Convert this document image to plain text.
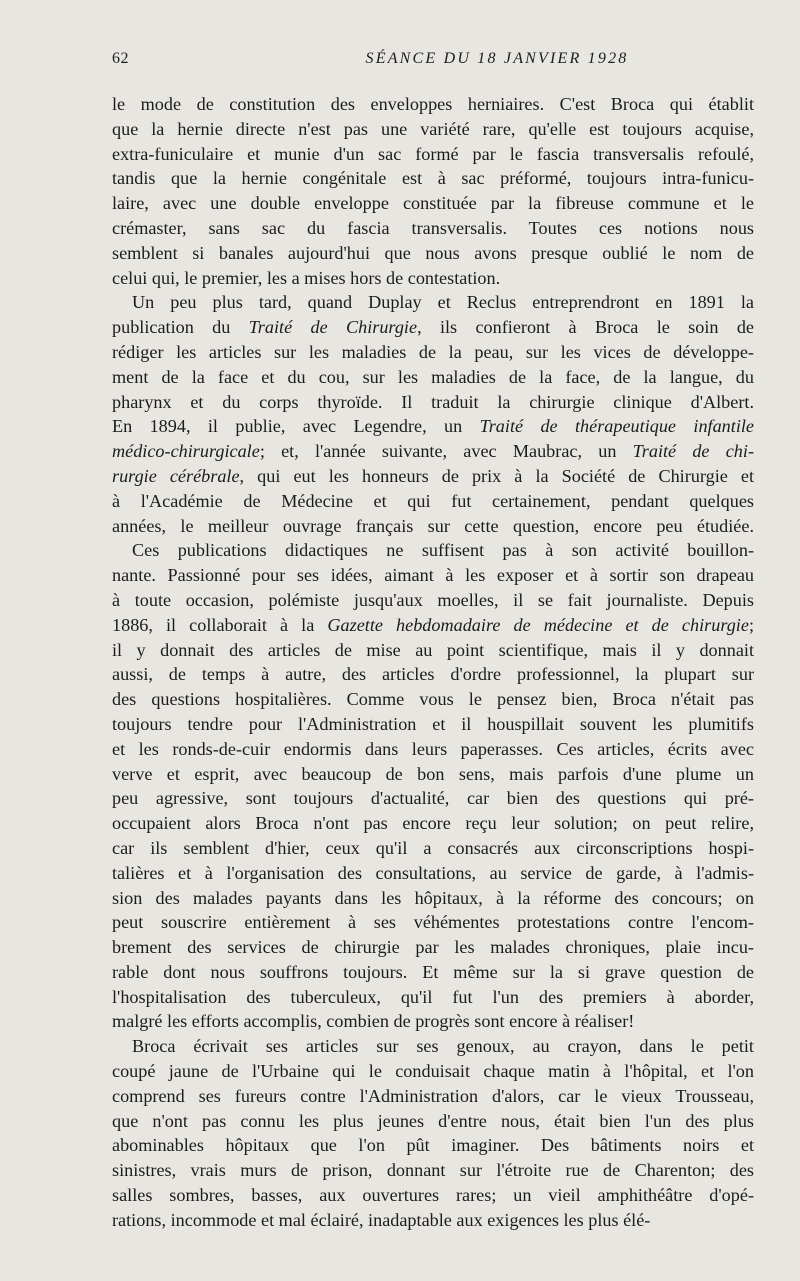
62	SÉANCE DU 18 JANVIER 1928
le mode de constitution des enveloppes herniaires. C'est Broca qui établit
que la hernie directe n'est pas une variété rare, qu'elle est toujours acquise,
extra-funiculaire et munie d'un sac formé par le fascia transversalis refoulé,
tandis que la hernie congénitale est à sac préformé, toujours intra-funicu-
laire, avec une double enveloppe constituée par la fibreuse commune et le
crémaster, sans sac du fascia transversalis. Toutes ces notions nous
semblent si banales aujourd'hui que nous avons presque oublié le nom de
celui qui, le premier, les a mises hors de contestation.
Un peu plus tard, quand Duplay et Reclus entreprendront en 1891 la
publication du Traité de Chirurgie, ils confieront à Broca le soin de
rédiger les articles sur les maladies de la peau, sur les vices de développe-
ment de la face et du cou, sur les maladies de la face, de la langue, du
pharynx et du corps thyroïde. Il traduit la chirurgie clinique d'Albert.
En 1894, il publie, avec Legendre, un Traité de thérapeutique infantile
médico-chirurgicale; et, l'année suivante, avec Maubrac, un Traité de chi-
rurgie cérébrale, qui eut les honneurs de prix à la Société de Chirurgie et
à l'Académie de Médecine et qui fut certainement, pendant quelques
années, le meilleur ouvrage français sur cette question, encore peu étudiée.
Ces publications didactiques ne suffisent pas à son activité bouillon-
nante. Passionné pour ses idées, aimant à les exposer et à sortir son drapeau
à toute occasion, polémiste jusqu'aux moelles, il se fait journaliste. Depuis
1886, il collaborait à la Gazette hebdomadaire de médecine et de chirurgie;
il y donnait des articles de mise au point scientifique, mais il y donnait
aussi, de temps à autre, des articles d'ordre professionnel, la plupart sur
des questions hospitalières. Comme vous le pensez bien, Broca n'était pas
toujours tendre pour l'Administration et il houspillait souvent les plumitifs
et les ronds-de-cuir endormis dans leurs paperasses. Ces articles, écrits avec
verve et esprit, avec beaucoup de bon sens, mais parfois d'une plume un
peu agressive, sont toujours d'actualité, car bien des questions qui pré-
occupaient alors Broca n'ont pas encore reçu leur solution; on peut relire,
car ils semblent d'hier, ceux qu'il a consacrés aux circonscriptions hospi-
talières et à l'organisation des consultations, au service de garde, à l'admis-
sion des malades payants dans les hôpitaux, à la réforme des concours; on
peut souscrire entièrement à ses véhémentes protestations contre l'encom-
brement des services de chirurgie par les malades chroniques, plaie incu-
rable dont nous souffrons toujours. Et même sur la si grave question de
l'hospitalisation des tuberculeux, qu'il fut l'un des premiers à aborder,
malgré les efforts accomplis, combien de progrès sont encore à réaliser!
Broca écrivait ses articles sur ses genoux, au crayon, dans le petit
coupé jaune de l'Urbaine qui le conduisait chaque matin à l'hôpital, et l'on
comprend ses fureurs contre l'Administration d'alors, car le vieux Trousseau,
que n'ont pas connu les plus jeunes d'entre nous, était bien l'un des plus
abominables hôpitaux que l'on pût imaginer. Des bâtiments noirs et
sinistres, vrais murs de prison, donnant sur l'étroite rue de Charenton; des
salles sombres, basses, aux ouvertures rares; un vieil amphithéâtre d'opé-
rations, incommode et mal éclairé, inadaptable aux exigences les plus élé-
